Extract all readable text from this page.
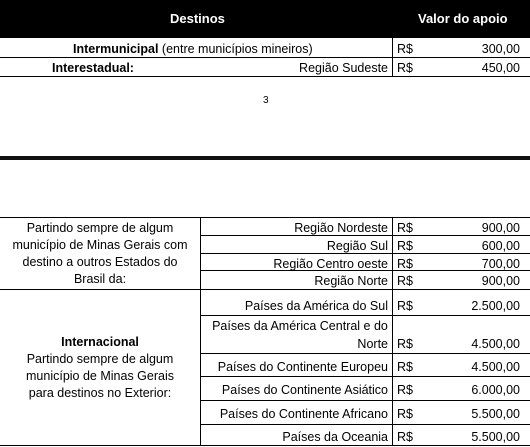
Destinos	Valor do apoio
Intermunicipal (entre municípios mineiros)	R$	300,00
Interestadual:	Região Sudeste R$	450,00
3
Partindo sempre de algum
município de Minas Gerais com
destino a outros Estados do
Brasil da:
Região Nordeste R$	900,00
Região Sul R$	600,00
Região Centro oeste R$	700,00
Região Norte R$	900,00
Internacional
Partindo sempre de algum
município de Minas Gerais
para destinos no Exterior:
Países da América do Sul R$	2.500,00
Países da América Central e do
Norte R$	4.500,00
Países do Continente Europeu R$	4.500,00
Países do Continente Asiático R$	6.000,00
Países do Continente Africano R$	5.500,00
Países da Oceania R$	5.500,00
